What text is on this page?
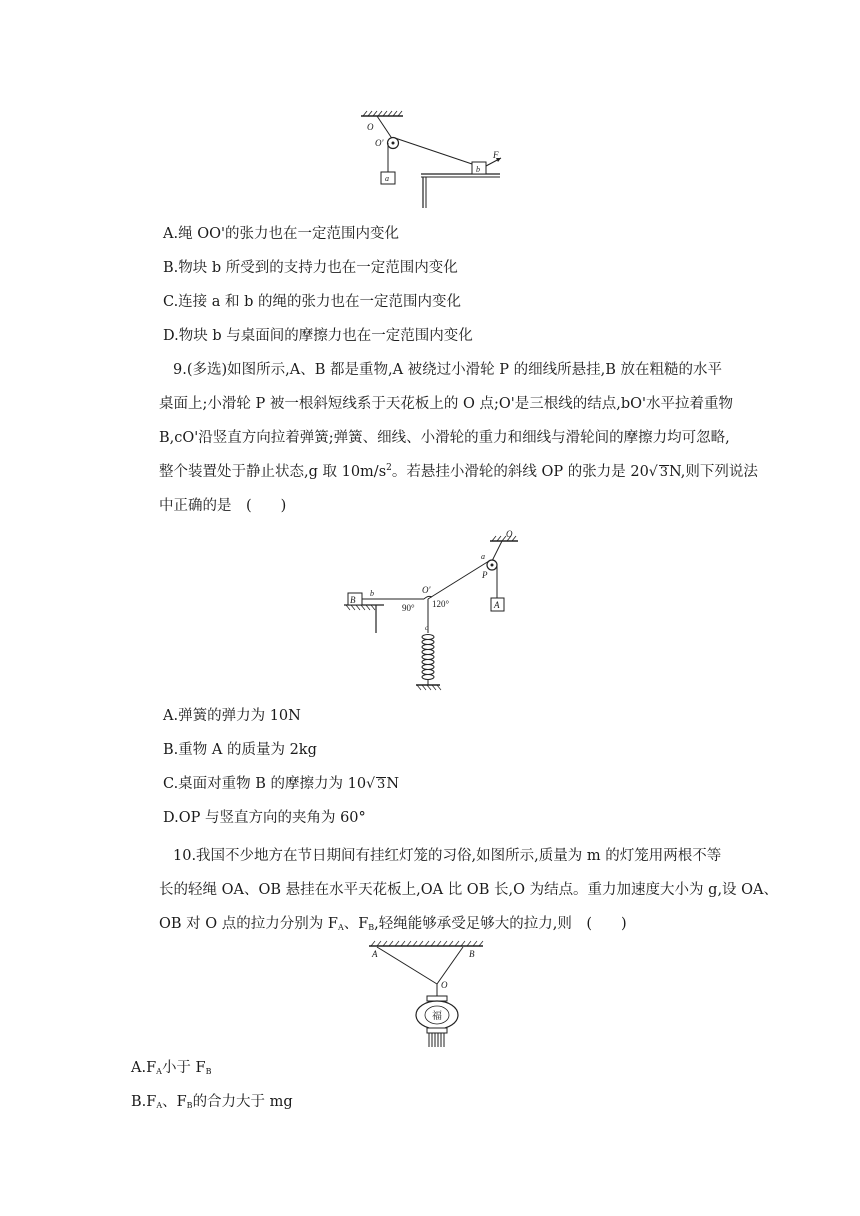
O
O'
F
a
b
A.绳 OO'的张力也在一定范围内变化
B.物块 b 所受到的支持力也在一定范围内变化
C.连接 a 和 b 的绳的张力也在一定范围内变化
D.物块 b 与桌面间的摩擦力也在一定范围内变化
9.(多选)如图所示,A、B 都是重物,A 被绕过小滑轮 P 的细线所悬挂,B 放在粗糙的水平
桌面上;小滑轮 P 被一根斜短线系于天花板上的 O 点;O'是三根线的结点,bO'水平拉着重物
B,cO'沿竖直方向拉着弹簧;弹簧、细线、小滑轮的重力和细线与滑轮间的摩擦力均可忽略,
整个装置处于静止状态,g 取 $10m/s^2$。若悬挂小滑轮的斜线 OP 的张力是 20√ 3N,则下列说法
中正确的是　(　　)
O
a
P
A
B
b	O'
c
90° 120°
A.弹簧的弹力为 10N
B.重物 A 的质量为 2kg
C.桌面对重物 B 的摩擦力为 10√ 3N
D.OP 与竖直方向的夹角为 60°
10.我国不少地方在节日期间有挂红灯笼的习俗,如图所示,质量为 m 的灯笼用两根不等
长的轻绳 OA、OB 悬挂在水平天花板上,OA 比 OB 长,O 为结点。重力加速度大小为 g,设 OA、
OB 对 O 点的拉力分别为 $F_A$、$F_B$,轻绳能够承受足够大的拉力,则　(　　)
A	B
O
福
$A.F_A$小于 $F_B$
$B.F_A$、$F_B$的合力大于 mg
